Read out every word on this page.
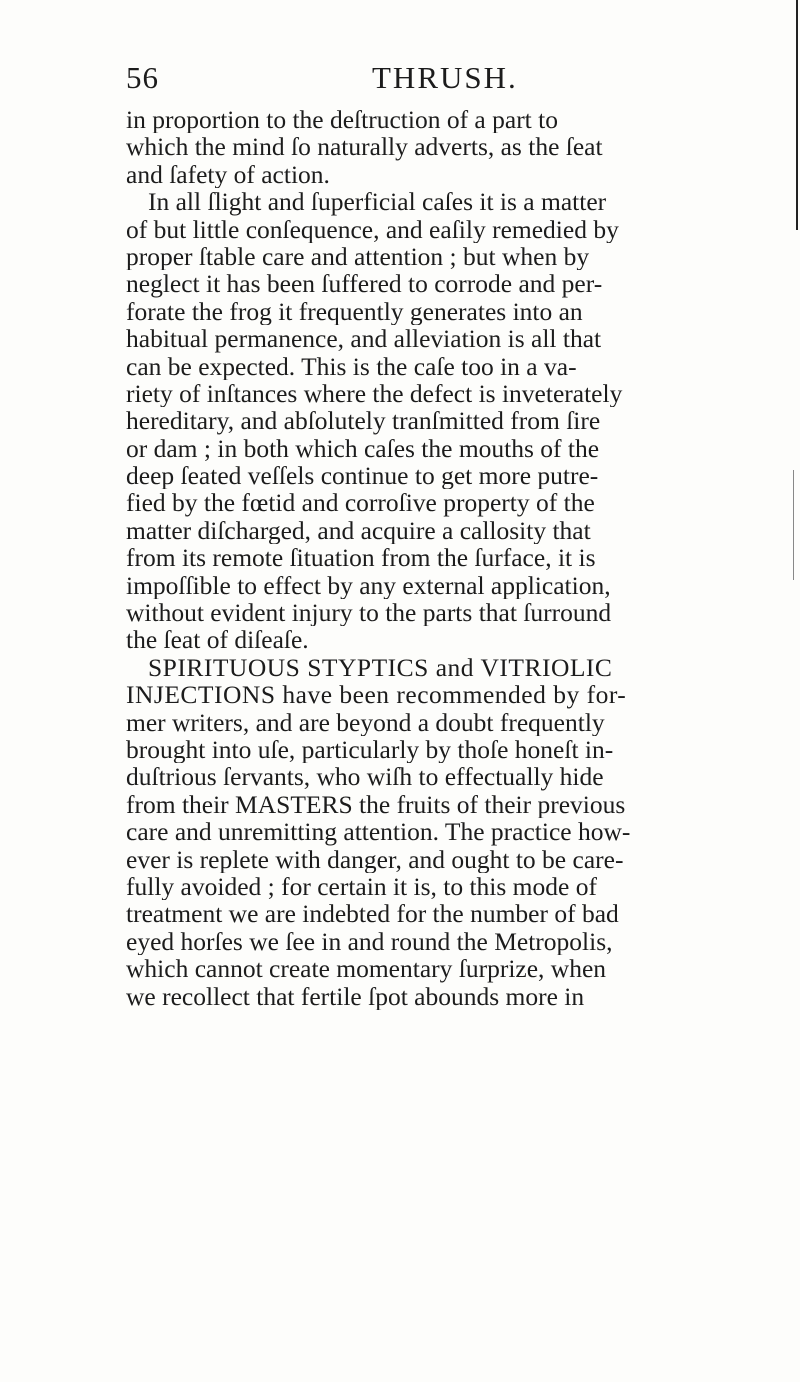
56	THRUSH.
in proportion to the deſtruction of a part to
which the mind ſo naturally adverts, as the ſeat
and ſafety of action.
In all ſlight and ſuperficial caſes it is a matter
of but little conſequence, and eaſily remedied by
proper ſtable care and attention ; but when by
neglect it has been ſuffered to corrode and per-
forate the frog it frequently generates into an
habitual permanence, and alleviation is all that
can be expected. This is the caſe too in a va-
riety of inſtances where the defect is inveterately
hereditary, and abſolutely tranſmitted from ſire
or dam ; in both which caſes the mouths of the
deep ſeated veſſels continue to get more putre-
fied by the fœtid and corroſive property of the
matter diſcharged, and acquire a callosity that
from its remote ſituation from the ſurface, it is
impoſſible to effect by any external application,
without evident injury to the parts that ſurround
the ſeat of diſeaſe.
SPIRITUOUS STYPTICS and VITRIOLIC
INJECTIONS have been recommended by for-
mer writers, and are beyond a doubt frequently
brought into uſe, particularly by thoſe honeſt in-
duſtrious ſervants, who wiſh to effectually hide
from their MASTERS the fruits of their previous
care and unremitting attention. The practice how-
ever is replete with danger, and ought to be care-
fully avoided ; for certain it is, to this mode of
treatment we are indebted for the number of bad
eyed horſes we ſee in and round the Metropolis,
which cannot create momentary ſurprize, when
we recollect that fertile ſpot abounds more in
